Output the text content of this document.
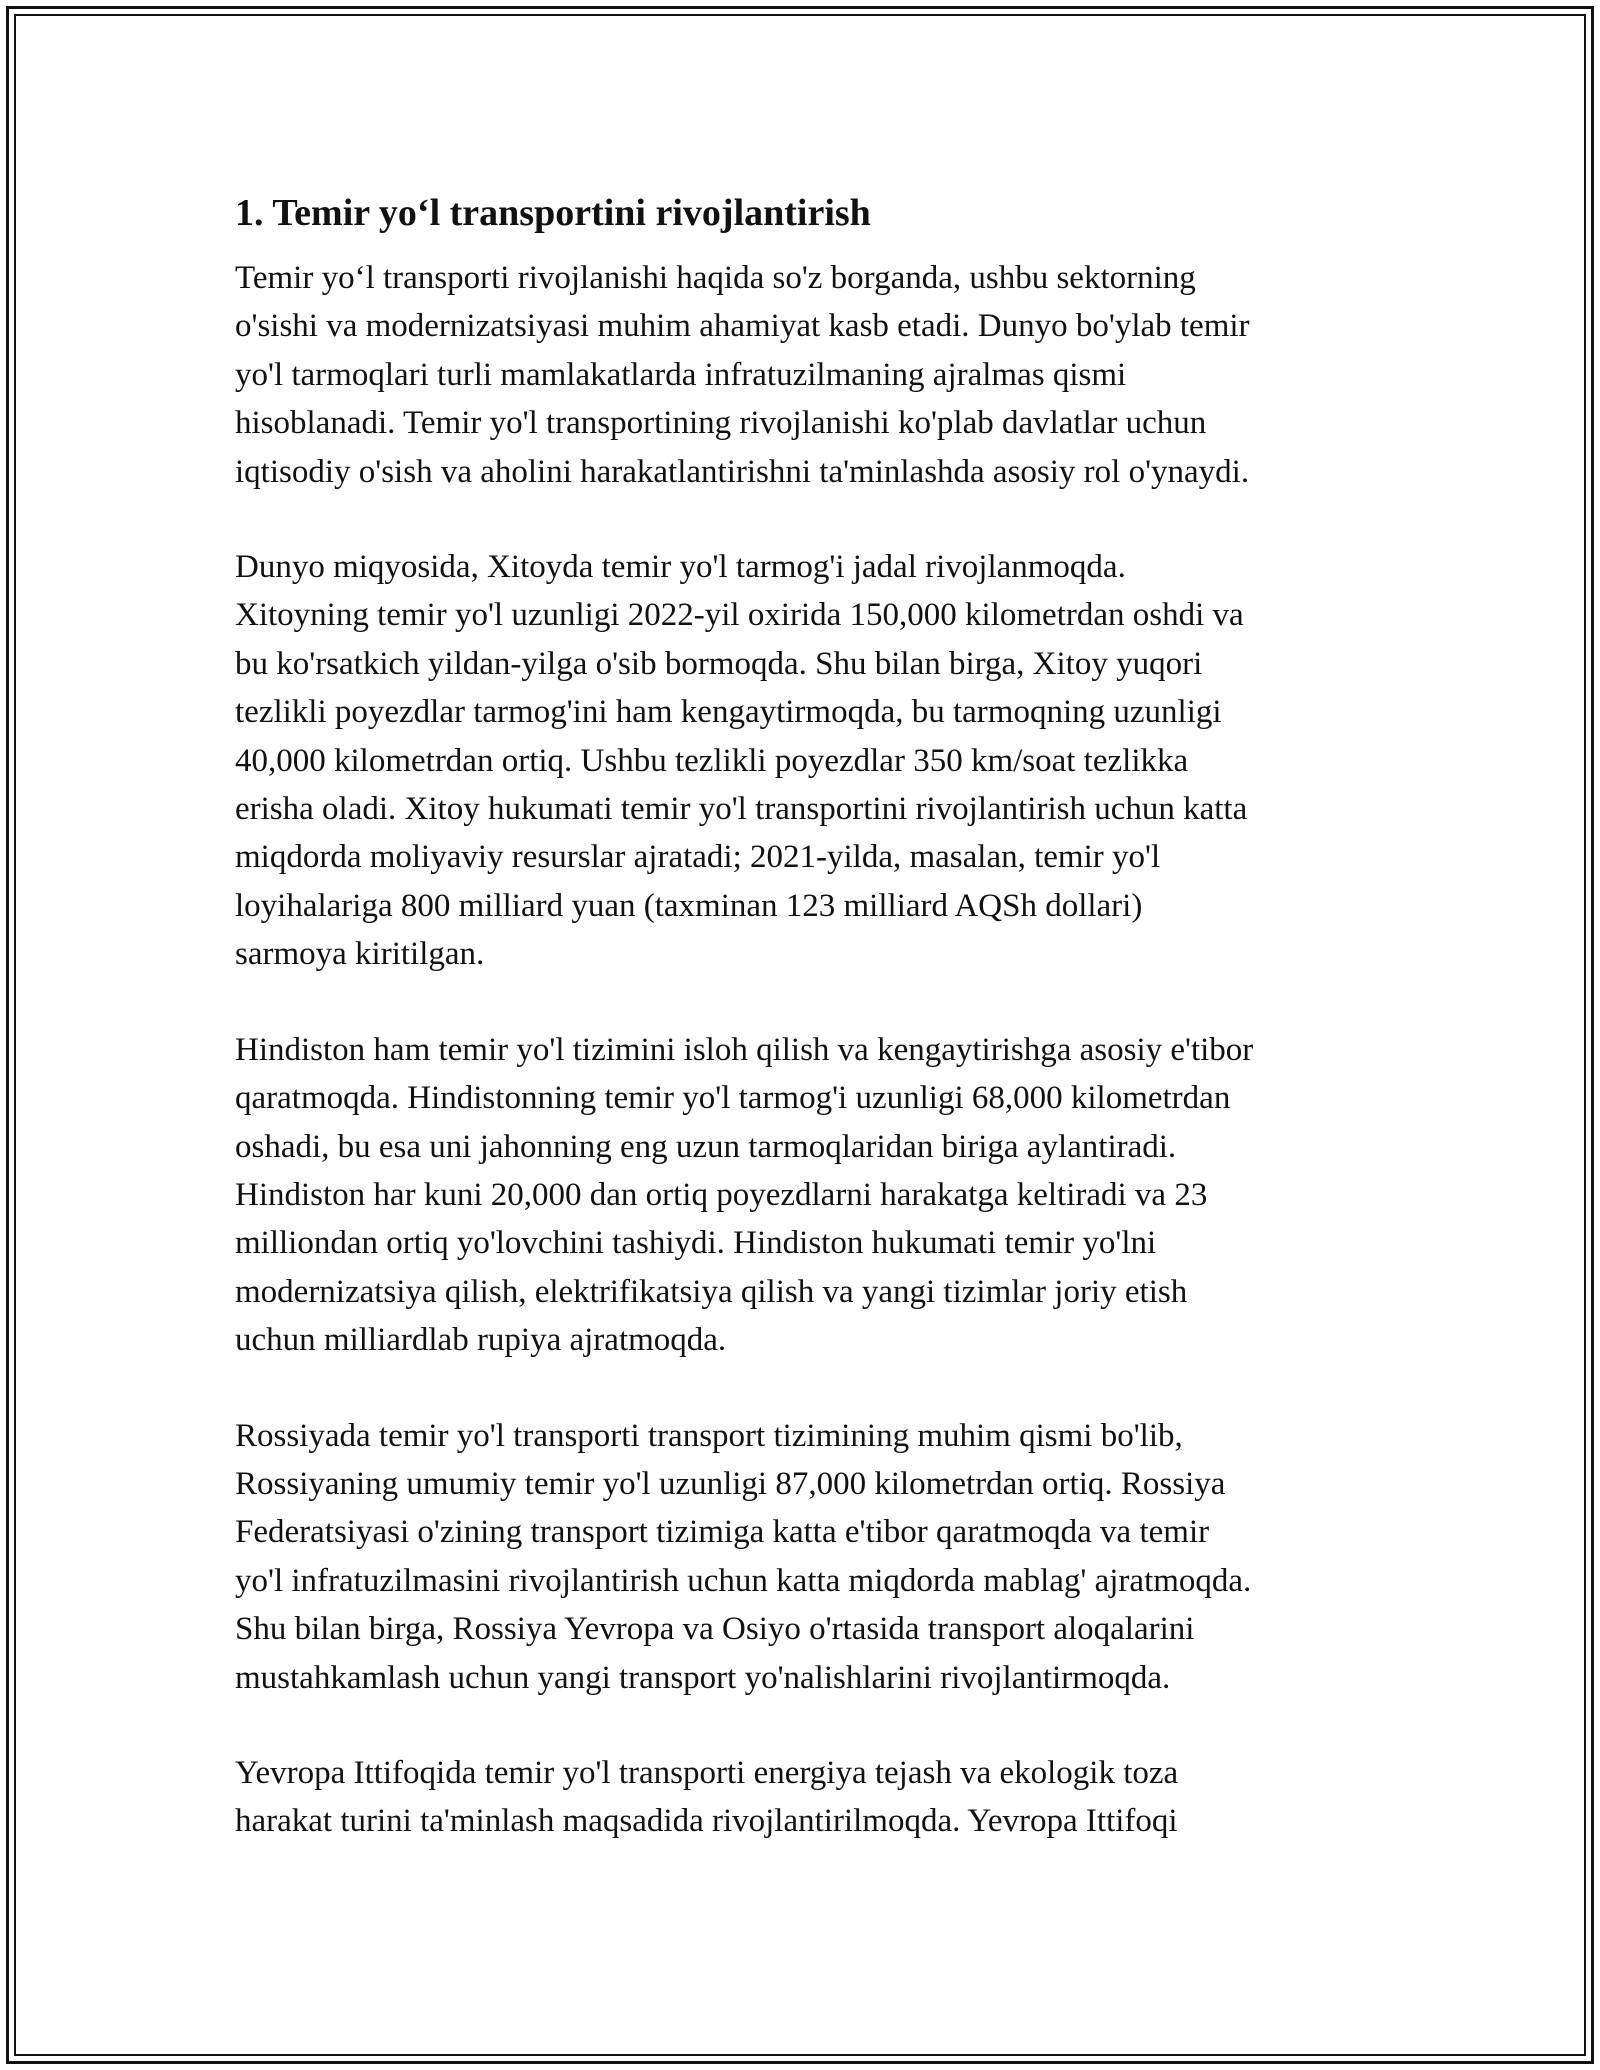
1. Temir yo‘l transportini rivojlantirish

Temir yo‘l transporti rivojlanishi haqida so'z borganda, ushbu sektorning
o'sishi va modernizatsiyasi muhim ahamiyat kasb etadi. Dunyo bo'ylab temir
yo'l tarmoqlari turli mamlakatlarda infratuzilmaning ajralmas qismi
hisoblanadi. Temir yo'l transportining rivojlanishi ko'plab davlatlar uchun
iqtisodiy o'sish va aholini harakatlantirishni ta'minlashda asosiy rol o'ynaydi.

Dunyo miqyosida, Xitoyda temir yo'l tarmog'i jadal rivojlanmoqda.
Xitoyning temir yo'l uzunligi 2022-yil oxirida 150,000 kilometrdan oshdi va
bu ko'rsatkich yildan-yilga o'sib bormoqda. Shu bilan birga, Xitoy yuqori
tezlikli poyezdlar tarmog'ini ham kengaytirmoqda, bu tarmoqning uzunligi
40,000 kilometrdan ortiq. Ushbu tezlikli poyezdlar 350 km/soat tezlikka
erisha oladi. Xitoy hukumati temir yo'l transportini rivojlantirish uchun katta
miqdorda moliyaviy resurslar ajratadi; 2021-yilda, masalan, temir yo'l
loyihalariga 800 milliard yuan (taxminan 123 milliard AQSh dollari)
sarmoya kiritilgan.

Hindiston ham temir yo'l tizimini isloh qilish va kengaytirishga asosiy e'tibor
qaratmoqda. Hindistonning temir yo'l tarmog'i uzunligi 68,000 kilometrdan
oshadi, bu esa uni jahonning eng uzun tarmoqlaridan biriga aylantiradi.
Hindiston har kuni 20,000 dan ortiq poyezdlarni harakatga keltiradi va 23
milliondan ortiq yo'lovchini tashiydi. Hindiston hukumati temir yo'lni
modernizatsiya qilish, elektrifikatsiya qilish va yangi tizimlar joriy etish
uchun milliardlab rupiya ajratmoqda.

Rossiyada temir yo'l transporti transport tizimining muhim qismi bo'lib,
Rossiyaning umumiy temir yo'l uzunligi 87,000 kilometrdan ortiq. Rossiya
Federatsiyasi o'zining transport tizimiga katta e'tibor qaratmoqda va temir
yo'l infratuzilmasini rivojlantirish uchun katta miqdorda mablag' ajratmoqda.
Shu bilan birga, Rossiya Yevropa va Osiyo o'rtasida transport aloqalarini
mustahkamlash uchun yangi transport yo'nalishlarini rivojlantirmoqda.

Yevropa Ittifoqida temir yo'l transporti energiya tejash va ekologik toza
harakat turini ta'minlash maqsadida rivojlantirilmoqda. Yevropa Ittifoqi
